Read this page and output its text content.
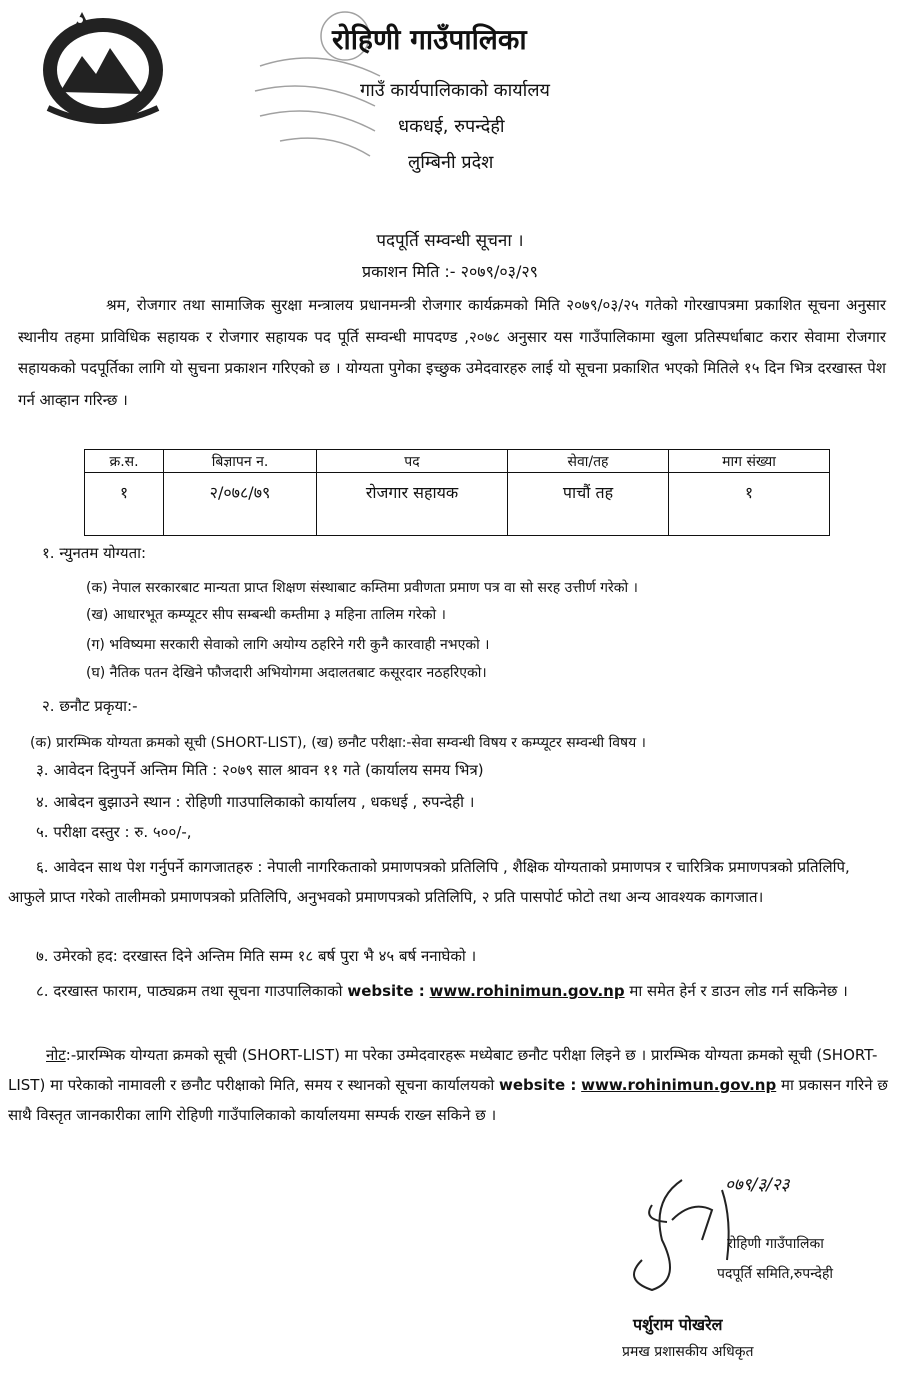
रोहिणी गाउँपालिका
गाउँ कार्यपालिकाको कार्यालय
धकधई, रुपन्देही
लुम्बिनी प्रदेश
पदपूर्ति सम्वन्धी सूचना ।
प्रकाशन मिति :- २०७९/०३/२९
श्रम, रोजगार तथा सामाजिक सुरक्षा मन्त्रालय प्रधानमन्त्री रोजगार कार्यक्रमको मिति २०७९/०३/२५ गतेको गोरखापत्रमा प्रकाशित सूचना अनुसार स्थानीय तहमा प्राविधिक सहायक र रोजगार सहायक पद पूर्ति सम्वन्धी मापदण्ड ,२०७८ अनुसार यस गाउँपालिकामा खुला प्रतिस्पर्धाबाट करार सेवामा रोजगार सहायकको पदपूर्तिका लागि यो सुचना प्रकाशन गरिएको छ । योग्यता पुगेका इच्छुक उमेदवारहरु लाई यो सूचना प्रकाशित भएको मितिले १५ दिन भित्र दरखास्त पेश गर्न आव्हान गरिन्छ ।
क्र.स.	बिज्ञापन न.	पद	सेवा/तह	माग संख्या
१	२/०७८/७९	रोजगार सहायक	पाचौं तह	१
१. न्युनतम योग्यता:
(क) नेपाल सरकारबाट मान्यता प्राप्त शिक्षण संस्थाबाट कम्तिमा प्रवीणता प्रमाण पत्र वा सो सरह उत्तीर्ण गरेको ।
(ख) आधारभूत कम्प्यूटर सीप सम्बन्धी कम्तीमा ३ महिना तालिम गरेको ।
(ग) भविष्यमा सरकारी सेवाको लागि अयोग्य ठहरिने गरी कुनै कारवाही नभएको ।
(घ) नैतिक पतन देखिने फौजदारी अभियोगमा अदालतबाट कसूरदार नठहरिएको।
२. छनौट प्रकृया:-
(क) प्रारम्भिक योग्यता क्रमको सूची (SHORT-LIST), (ख) छनौट परीक्षा:-सेवा सम्वन्धी विषय र कम्प्यूटर सम्वन्धी विषय ।
३. आवेदन दिनुपर्ने अन्तिम मिति : २०७९ साल श्रावन ११ गते (कार्यालय समय भित्र)
४. आबेदन बुझाउने स्थान : रोहिणी गाउपालिकाको कार्यालय , धकधई , रुपन्देही ।
५. परीक्षा दस्तुर : रु. ५००/-,
६. आवेदन साथ पेश गर्नुपर्ने कागजातहरु : नेपाली नागरिकताको प्रमाणपत्रको प्रतिलिपि , शैक्षिक योग्यताको प्रमाणपत्र र चारित्रिक प्रमाणपत्रको प्रतिलिपि, आफुले प्राप्त गरेको तालीमको प्रमाणपत्रको प्रतिलिपि, अनुभवको प्रमाणपत्रको प्रतिलिपि, २ प्रति पासपोर्ट फोटो तथा अन्य आवश्यक कागजात।
७. उमेरको हद: दरखास्त दिने अन्तिम मिति सम्म १८ बर्ष पुरा भै ४५ बर्ष ननाघेको ।
८. दरखास्त फाराम, पाठ्यक्रम तथा सूचना गाउपालिकाको website : www.rohinimun.gov.np मा समेत हेर्न र डाउन लोड गर्न सकिनेछ ।
नोट:-प्रारम्भिक योग्यता क्रमको सूची (SHORT-LIST) मा परेका उम्मेदवारहरू मध्येबाट छनौट परीक्षा लिइने छ । प्रारम्भिक योग्यता क्रमको सूची (SHORT-LIST) मा परेकाको नामावली र छनौट परीक्षाको मिति, समय र स्थानको सूचना कार्यालयको website : www.rohinimun.gov.np मा प्रकासन गरिने छ साथै विस्तृत जानकारीका लागि रोहिणी गाउँपालिकाको कार्यालयमा सम्पर्क राख्न सकिने छ ।
०७९/३/२३
रोहिणी गाउँपालिका
पदपूर्ति समिति,रुपन्देही
पर्शुराम पोखरेल
प्रमख प्रशासकीय अधिकृत
